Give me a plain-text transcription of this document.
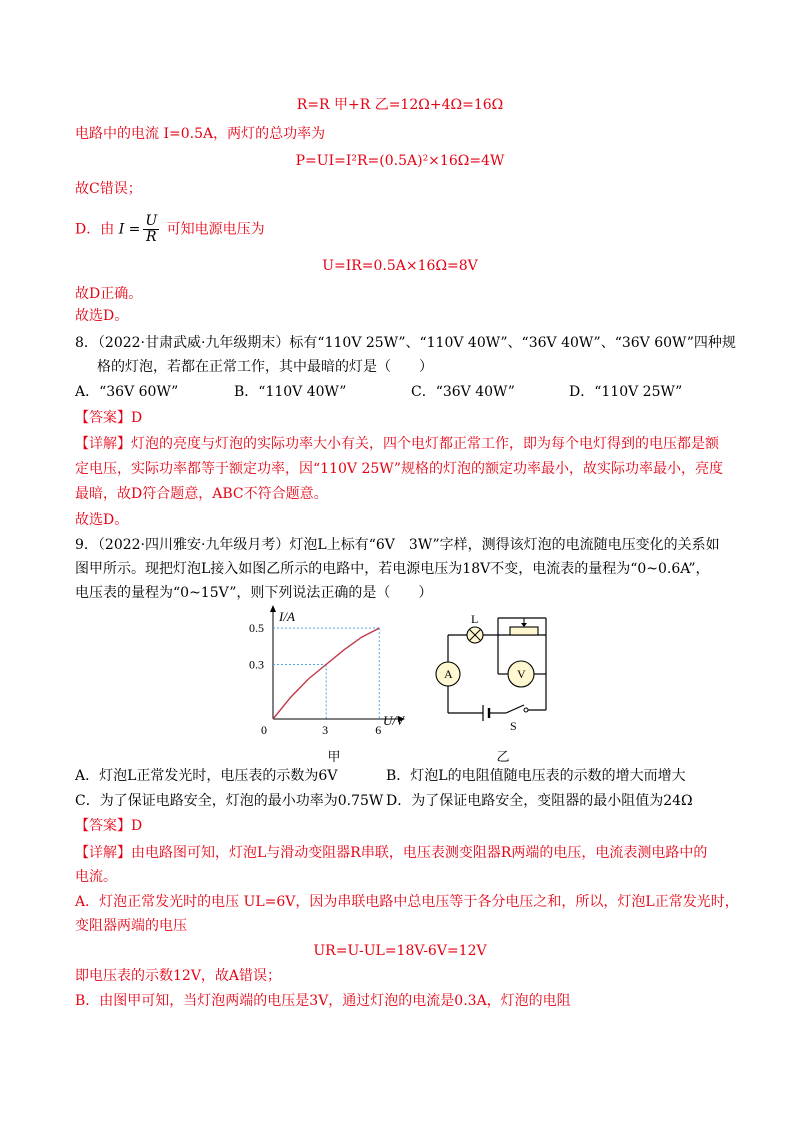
R=R 甲+R 乙=12Ω+4Ω=16Ω
电路中的电流 I=0.5A，两灯的总功率为
P=UI=I²R=(0.5A)²×16Ω=4W
故C错误；
D．由 $I = \frac{U}{R}$ 可知电源电压为
U=IR=0.5A×16Ω=8V
故D正确。
故选D。
8．（2022·甘肃武威·九年级期末）标有“110V 25W”、“110V 40W”、“36V 40W”、“36V 60W”四种规
格的灯泡，若都在正常工作，其中最暗的灯是（　　）
A．“36V 60W”	B．“110V 40W”	C．“36V 40W”	D．“110V 25W”
【答案】D
【详解】灯泡的亮度与灯泡的实际功率大小有关，四个电灯都正常工作，即为每个电灯得到的电压都是额
定电压，实际功率都等于额定功率，因“110V 25W”规格的灯泡的额定功率最小，故实际功率最小，亮度
最暗，故D符合题意，ABC不符合题意。
故选D。
9．（2022·四川雅安·九年级月考）灯泡L上标有“6V　3W”字样，测得该灯泡的电流随电压变化的关系如
图甲所示。现把灯泡L接入如图乙所示的电路中，若电源电压为18V不变，电流表的量程为“0~0.6A”，
电压表的量程为“0~15V”，则下列说法正确的是（　　）
0	3	6
0.3
0.5
I/A
U/V
甲
L
A	V
S
乙
A．灯泡L正常发光时，电压表的示数为6V	B．灯泡L的电阻值随电压表的示数的增大而增大
C．为了保证电路安全，灯泡的最小功率为0.75W D．为了保证电路安全，变阻器的最小阻值为24Ω
【答案】D
【详解】由电路图可知，灯泡L与滑动变阻器R串联，电压表测变阻器R两端的电压，电流表测电路中的
电流。
A．灯泡正常发光时的电压 UL=6V，因为串联电路中总电压等于各分电压之和，所以，灯泡L正常发光时，
变阻器两端的电压
UR=U-UL=18V-6V=12V
即电压表的示数12V，故A错误；
B．由图甲可知，当灯泡两端的电压是3V，通过灯泡的电流是0.3A，灯泡的电阻
